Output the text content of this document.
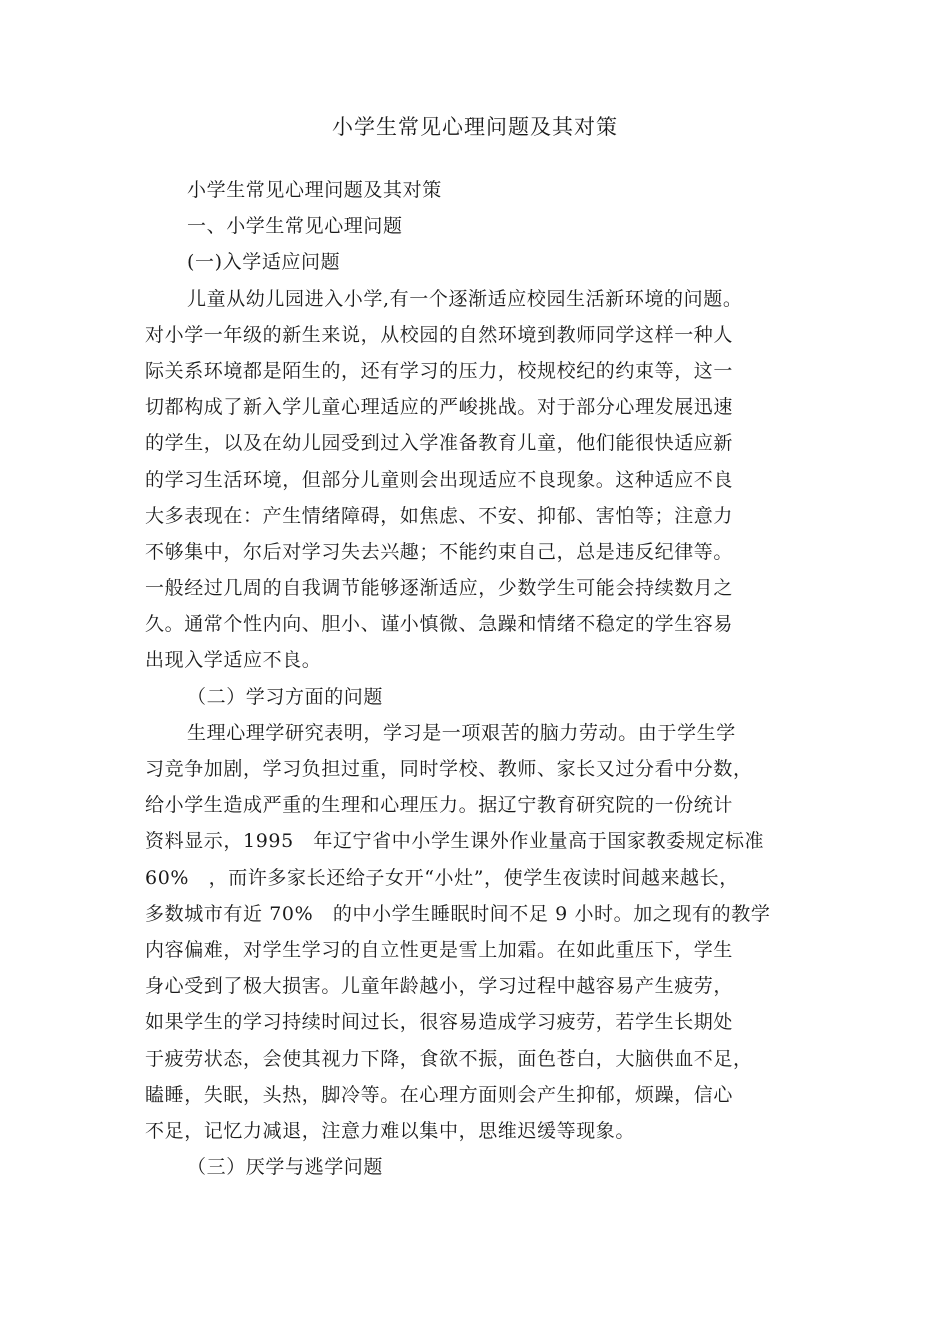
小学生常见心理问题及其对策
小学生常见心理问题及其对策
一、小学生常见心理问题
(一)入学适应问题
儿童从幼儿园进入小学,有一个逐渐适应校园生活新环境的问题。
对小学一年级的新生来说，从校园的自然环境到教师同学这样一种人
际关系环境都是陌生的，还有学习的压力，校规校纪的约束等，这一
切都构成了新入学儿童心理适应的严峻挑战。对于部分心理发展迅速
的学生，以及在幼儿园受到过入学准备教育儿童，他们能很快适应新
的学习生活环境，但部分儿童则会出现适应不良现象。这种适应不良
大多表现在：产生情绪障碍，如焦虑、不安、抑郁、害怕等；注意力
不够集中，尔后对学习失去兴趣；不能约束自己，总是违反纪律等。
一般经过几周的自我调节能够逐渐适应，少数学生可能会持续数月之
久。通常个性内向、胆小、谨小慎微、急躁和情绪不稳定的学生容易
出现入学适应不良。
（二）学习方面的问题
生理心理学研究表明，学习是一项艰苦的脑力劳动。由于学生学
习竞争加剧，学习负担过重，同时学校、教师、家长又过分看中分数，
给小学生造成严重的生理和心理压力。据辽宁教育研究院的一份统计
资料显示，1995　年辽宁省中小学生课外作业量高于国家教委规定标准
60%　，而许多家长还给子女开“小灶”，使学生夜读时间越来越长，
多数城市有近 70%　的中小学生睡眠时间不足 9 小时。加之现有的教学
内容偏难，对学生学习的自立性更是雪上加霜。在如此重压下，学生
身心受到了极大损害。儿童年龄越小，学习过程中越容易产生疲劳，
如果学生的学习持续时间过长，很容易造成学习疲劳，若学生长期处
于疲劳状态，会使其视力下降，食欲不振，面色苍白，大脑供血不足，
瞌睡，失眠，头热，脚冷等。在心理方面则会产生抑郁，烦躁，信心
不足，记忆力减退，注意力难以集中，思维迟缓等现象。
（三）厌学与逃学问题
